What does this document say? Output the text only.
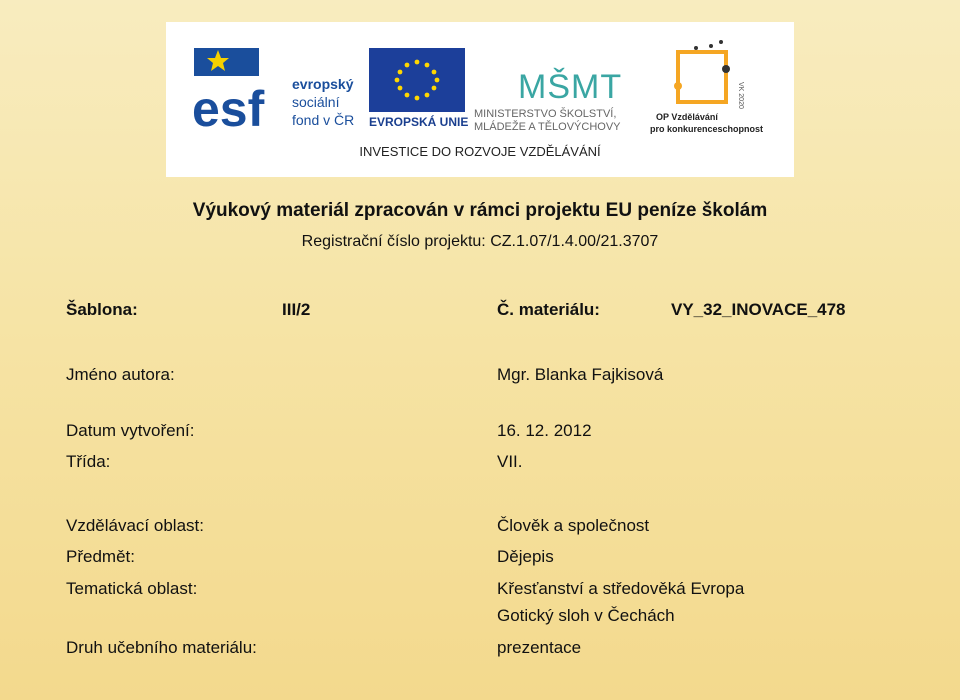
esf evropský
sociální
fond v ČR EVROPSKÁ UNIE
MŠMT
MINISTERSTVO ŠKOLSTVÍ,
MLÁDEŽE A TĚLOVÝCHOVY
VK 2020
OP Vzdělávání
pro konkurenceschopnost
INVESTICE DO ROZVOJE VZDĚLÁVÁNÍ
Výukový materiál zpracován v rámci projektu EU peníze školám
Registrační číslo projektu: CZ.1.07/1.4.00/21.3707
Šablona:	III/2	Č. materiálu:	VY_32_INOVACE_478
Jméno autora:	Mgr. Blanka Fajkisová
Datum vytvoření:	16. 12. 2012
Třída:	VII.
Vzdělávací oblast:	Člověk a společnost
Předmět:	Dějepis
Tematická oblast:	Křesťanství a středověká Evropa
Gotický sloh v Čechách
Druh učebního materiálu:	prezentace
